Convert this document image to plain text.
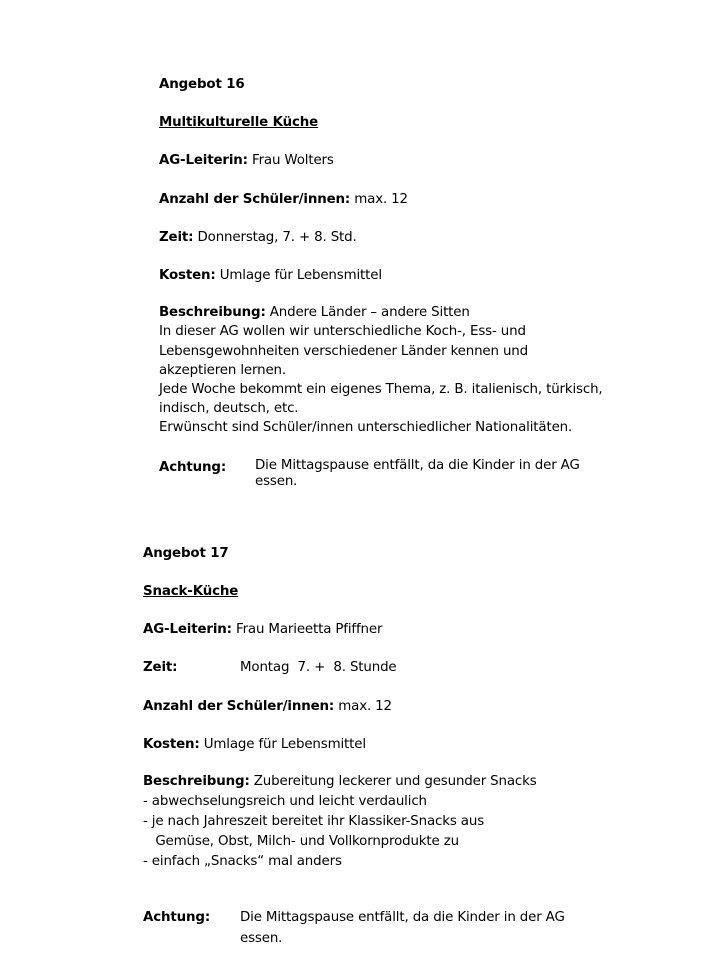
Angebot 16
Multikulturelle Küche
AG-Leiterin: Frau Wolters
Anzahl der Schüler/innen: max. 12
Zeit: Donnerstag, 7. + 8. Std.
Kosten: Umlage für Lebensmittel
Beschreibung: Andere Länder – andere Sitten
In dieser AG wollen wir unterschiedliche Koch-, Ess- und
Lebensgewohnheiten verschiedener Länder kennen und
akzeptieren lernen.
Jede Woche bekommt ein eigenes Thema, z. B. italienisch, türkisch,
indisch, deutsch, etc.
Erwünscht sind Schüler/innen unterschiedlicher Nationalitäten.
Achtung: Die Mittagspause entfällt, da die Kinder in der AG
essen.
Angebot 17
Snack-Küche
AG-Leiterin: Frau Marieetta Pfiffner
Zeit:	Montag  7. +  8. Stunde
Anzahl der Schüler/innen: max. 12
Kosten: Umlage für Lebensmittel
Beschreibung: Zubereitung leckerer und gesunder Snacks
- abwechselungsreich und leicht verdaulich
- je nach Jahreszeit bereitet ihr Klassiker-Snacks aus
Gemüse, Obst, Milch- und Vollkornprodukte zu
- einfach „Snacks“ mal anders
Achtung: Die Mittagspause entfällt, da die Kinder in der AG
essen.
